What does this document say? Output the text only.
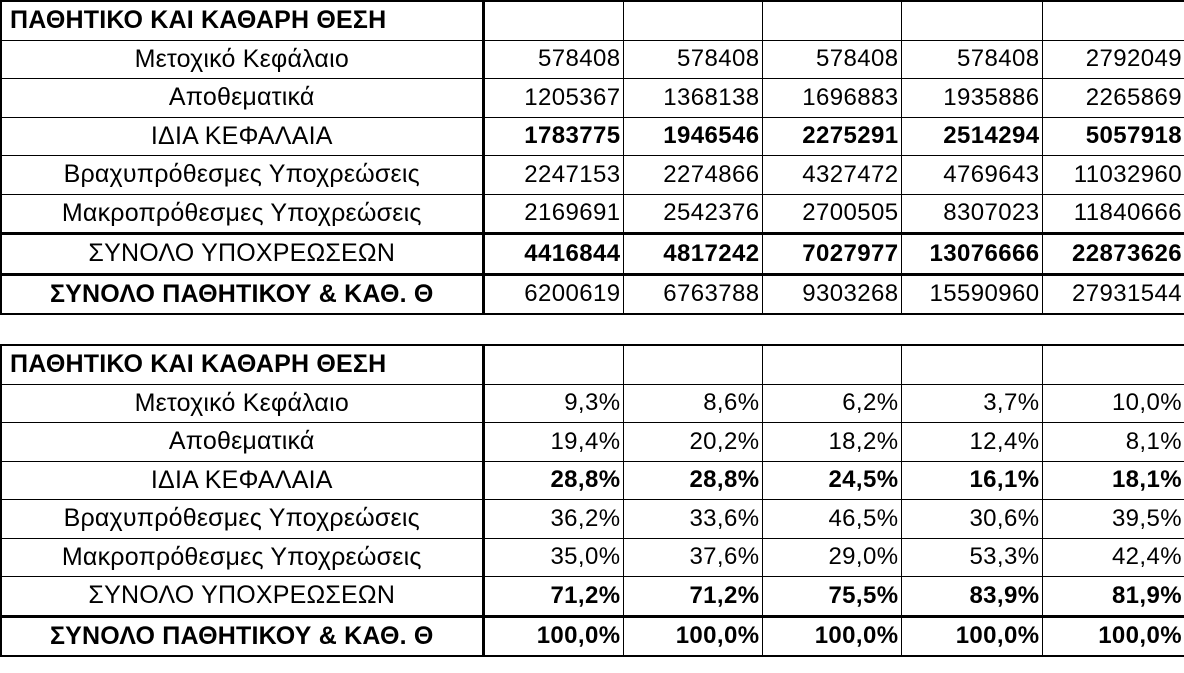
ΠΑΘΗΤΙΚΟ ΚΑΙ ΚΑΘΑΡΗ ΘΕΣΗ					
Μετοχικό Κεφάλαιο	578408	578408	578408	578408	2792049
Αποθεματικά	1205367	1368138	1696883	1935886	2265869
ΙΔΙΑ ΚΕΦΑΛΑΙΑ	1783775	1946546	2275291	2514294	5057918
Βραχυπρόθεσμες Υποχρεώσεις	2247153	2274866	4327472	4769643	11032960
Μακροπρόθεσμες Υποχρεώσεις	2169691	2542376	2700505	8307023	11840666
ΣΥΝΟΛΟ ΥΠΟΧΡΕΩΣΕΩΝ	4416844	4817242	7027977	13076666	22873626
ΣΥΝΟΛΟ ΠΑΘΗΤΙΚΟΥ & ΚΑΘ. Θ	6200619	6763788	9303268	15590960	27931544
ΠΑΘΗΤΙΚΟ ΚΑΙ ΚΑΘΑΡΗ ΘΕΣΗ					
Μετοχικό Κεφάλαιο	9,3%	8,6%	6,2%	3,7%	10,0%
Αποθεματικά	19,4%	20,2%	18,2%	12,4%	8,1%
ΙΔΙΑ ΚΕΦΑΛΑΙΑ	28,8%	28,8%	24,5%	16,1%	18,1%
Βραχυπρόθεσμες Υποχρεώσεις	36,2%	33,6%	46,5%	30,6%	39,5%
Μακροπρόθεσμες Υποχρεώσεις	35,0%	37,6%	29,0%	53,3%	42,4%
ΣΥΝΟΛΟ ΥΠΟΧΡΕΩΣΕΩΝ	71,2%	71,2%	75,5%	83,9%	81,9%
ΣΥΝΟΛΟ ΠΑΘΗΤΙΚΟΥ & ΚΑΘ. Θ	100,0%	100,0%	100,0%	100,0%	100,0%
